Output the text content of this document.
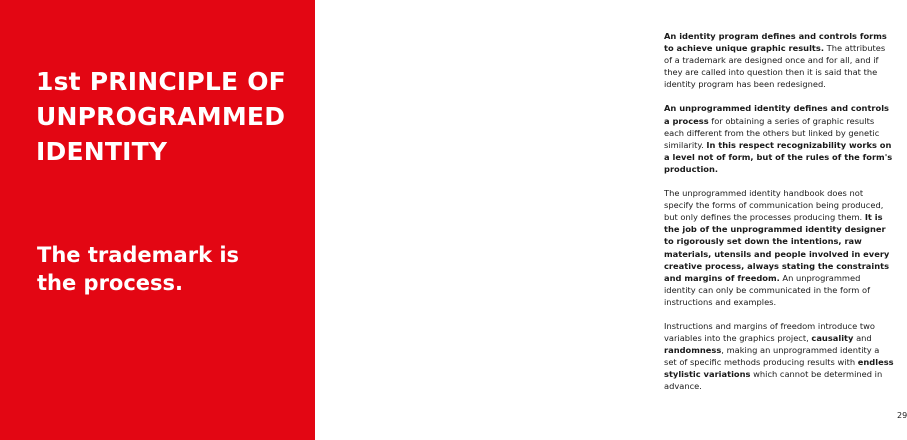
1st PRINCIPLE OF
UNPROGRAMMED
IDENTITY
The trademark is
the process.

An identity program defines and controls forms to achieve unique graphic results. The attributes of a trademark are designed once and for all, and if they are called into question then it is said that the identity program has been redesigned.

An unprogrammed identity defines and controls a process for obtaining a series of graphic results each different from the others but linked by genetic similarity. In this respect recognizability works on a level not of form, but of the rules of the form's production.

The unprogrammed identity handbook does not specify the forms of communication being produced, but only defines the processes producing them. It is the job of the unprogrammed identity designer to rigorously set down the intentions, raw materials, utensils and people involved in every creative process, always stating the constraints and margins of freedom. An unprogrammed identity can only be communicated in the form of instructions and examples.

Instructions and margins of freedom introduce two variables into the graphics project, causality and randomness, making an unprogrammed identity a set of specific methods producing results with endless stylistic variations which cannot be determined in advance.

29
